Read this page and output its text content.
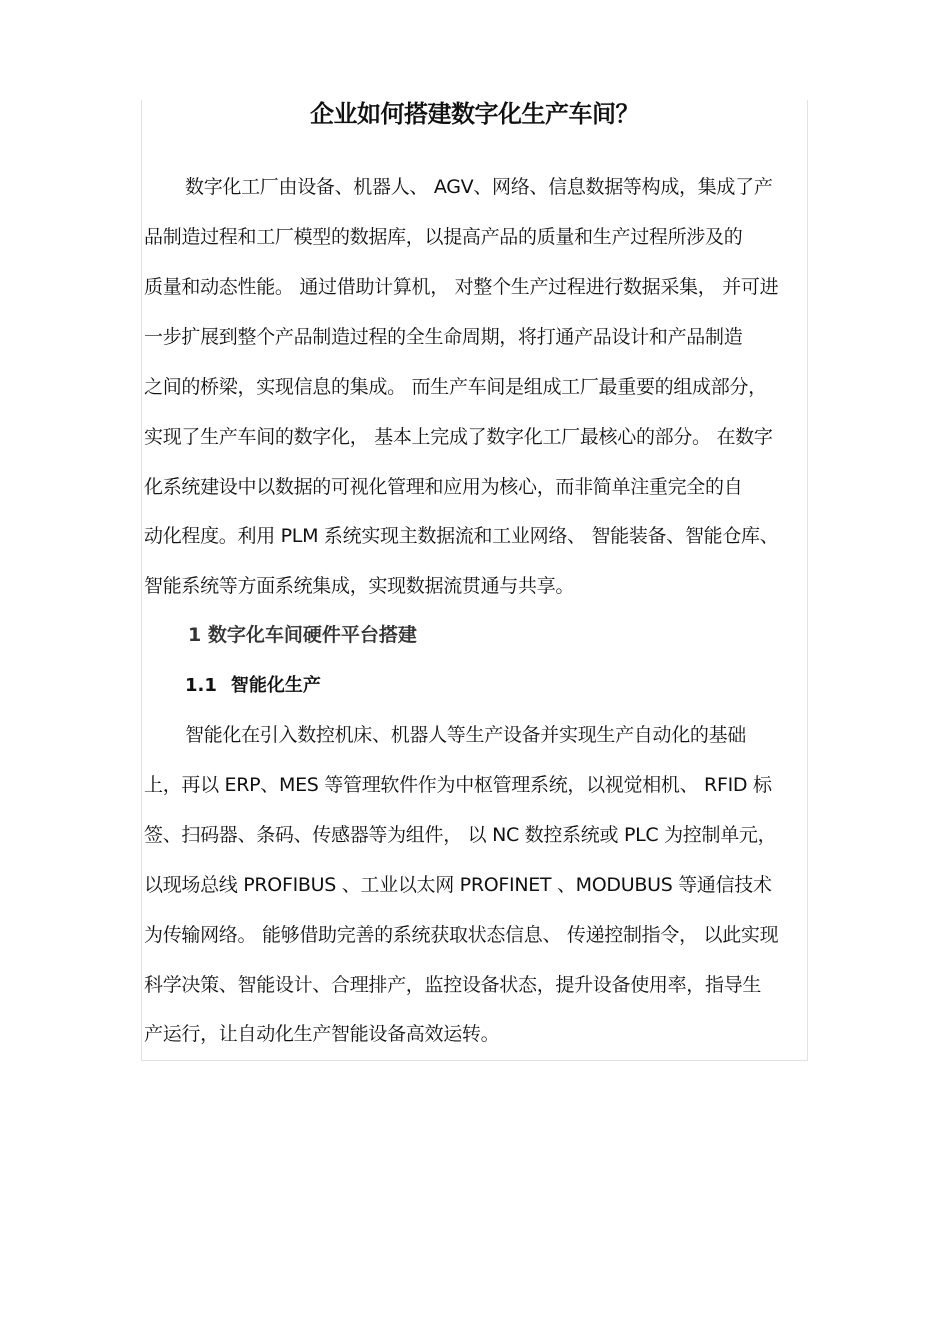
企业如何搭建数字化生产车间？

数字化工厂由设备、机器人、 AGV、网络、信息数据等构成，集成了产

品制造过程和工厂模型的数据库，以提高产品的质量和生产过程所涉及的

质量和动态性能。 通过借助计算机， 对整个生产过程进行数据采集， 并可进

一步扩展到整个产品制造过程的全生命周期，将打通产品设计和产品制造

之间的桥梁，实现信息的集成。 而生产车间是组成工厂最重要的组成部分，

实现了生产车间的数字化， 基本上完成了数字化工厂最核心的部分。 在数字

化系统建设中以数据的可视化管理和应用为核心，而非简单注重完全的自

动化程度。利用 PLM 系统实现主数据流和工业网络、 智能装备、智能仓库、

智能系统等方面系统集成，实现数据流贯通与共享。

1 数字化车间硬件平台搭建
1.1 智能化生产

智能化在引入数控机床、机器人等生产设备并实现生产自动化的基础

上，再以 ERP、MES 等管理软件作为中枢管理系统，以视觉相机、 RFID 标

签、扫码器、条码、传感器等为组件， 以 NC 数控系统或 PLC 为控制单元，

以现场总线 PROFIBUS 、工业以太网 PROFINET 、MODUBUS 等通信技术

为传输网络。 能够借助完善的系统获取状态信息、 传递控制指令， 以此实现

科学决策、智能设计、合理排产，监控设备状态，提升设备使用率，指导生

产运行，让自动化生产智能设备高效运转。
